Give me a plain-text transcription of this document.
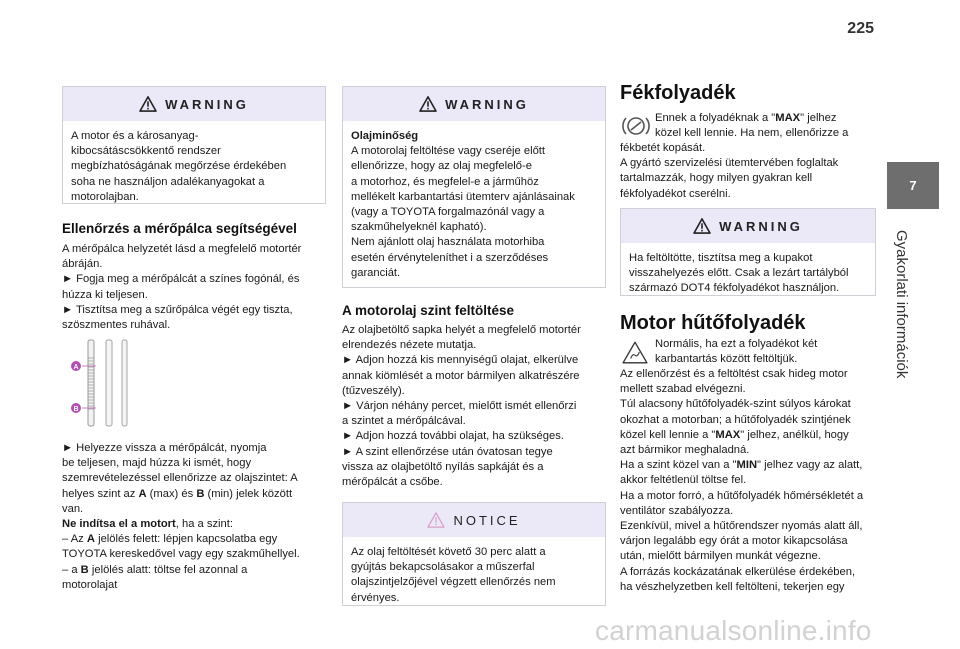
225
7
Gyakorlati információk
WARNING
A motor és a károsanyag-
kibocsátáscsökkentő rendszer
megbízhatóságának megőrzése érdekében
soha ne használjon adalékanyagokat a
motorolajban.
Ellenőrzés a mérőpálca segítségével
A mérőpálca helyzetét lásd a megfelelő motortér
ábráján.
► Fogja meg a mérőpálcát a színes fogónál, és
húzza ki teljesen.
► Tisztítsa meg a szűrőpálca végét egy tiszta,
szöszmentes ruhával.
A
B
► Helyezze vissza a mérőpálcát, nyomja
be teljesen, majd húzza ki ismét, hogy
szemrevételezéssel ellenőrizze az olajszintet: A
helyes szint az A (max) és B (min) jelek között
van.
Ne indítsa el a motort, ha a szint:
– Az A jelölés felett: lépjen kapcsolatba egy
TOYOTA kereskedővel vagy egy szakműhellyel.
– a B jelölés alatt: töltse fel azonnal a
motorolajat
WARNING
Olajminőség
A motorolaj feltöltése vagy cseréje előtt
ellenőrizze, hogy az olaj megfelelő-e
a motorhoz, és megfelel-e a járműhöz
mellékelt karbantartási ütemterv ajánlásainak
(vagy a TOYOTA forgalmazónál vagy a
szakműhelyeknél kapható).
Nem ajánlott olaj használata motorhiba
esetén érvényteleníthet i a szerződéses
garanciát.
A motorolaj szint feltöltése
Az olajbetöltő sapka helyét a megfelelő motortér
elrendezés nézete mutatja.
► Adjon hozzá kis mennyiségű olajat, elkerülve
annak kiömlését a motor bármilyen alkatrészére
(tűzveszély).
► Várjon néhány percet, mielőtt ismét ellenőrzi
a szintet a mérőpálcával.
► Adjon hozzá további olajat, ha szükséges.
► A szint ellenőrzése után óvatosan tegye
vissza az olajbetöltő nyílás sapkáját és a
mérőpálcát a csőbe.
NOTICE
Az olaj feltöltését követő 30 perc alatt a
gyújtás bekapcsolásakor a műszerfal
olajszintjelzőjével végzett ellenőrzés nem
érvényes.
Fékfolyadék
Ennek a folyadéknak a "MAX" jelhez
közel kell lennie. Ha nem, ellenőrizze a
fékbetét kopását.
A gyártó szervizelési ütemtervében foglaltak
tartalmazzák, hogy milyen gyakran kell
fékfolyadékot cserélni.
WARNING
Ha feltöltötte, tisztítsa meg a kupakot
visszahelyezés előtt. Csak a lezárt tartályból
származó DOT4 fékfolyadékot használjon.
Motor hűtőfolyadék
Normális, ha ezt a folyadékot két
karbantartás között feltöltjük.
Az ellenőrzést és a feltöltést csak hideg motor
mellett szabad elvégezni.
Túl alacsony hűtőfolyadék-szint súlyos károkat
okozhat a motorban; a hűtőfolyadék szintjének
közel kell lennie a "MAX" jelhez, anélkül, hogy
azt bármikor meghaladná.
Ha a szint közel van a "MIN" jelhez vagy az alatt,
akkor feltétlenül töltse fel.
Ha a motor forró, a hűtőfolyadék hőmérsékletét a
ventilátor szabályozza.
Ezenkívül, mivel a hűtőrendszer nyomás alatt áll,
várjon legalább egy órát a motor kikapcsolása
után, mielőtt bármilyen munkát végezne.
A forrázás kockázatának elkerülése érdekében,
ha vészhelyzetben kell feltölteni, tekerjen egy
carmanualsonline.info
